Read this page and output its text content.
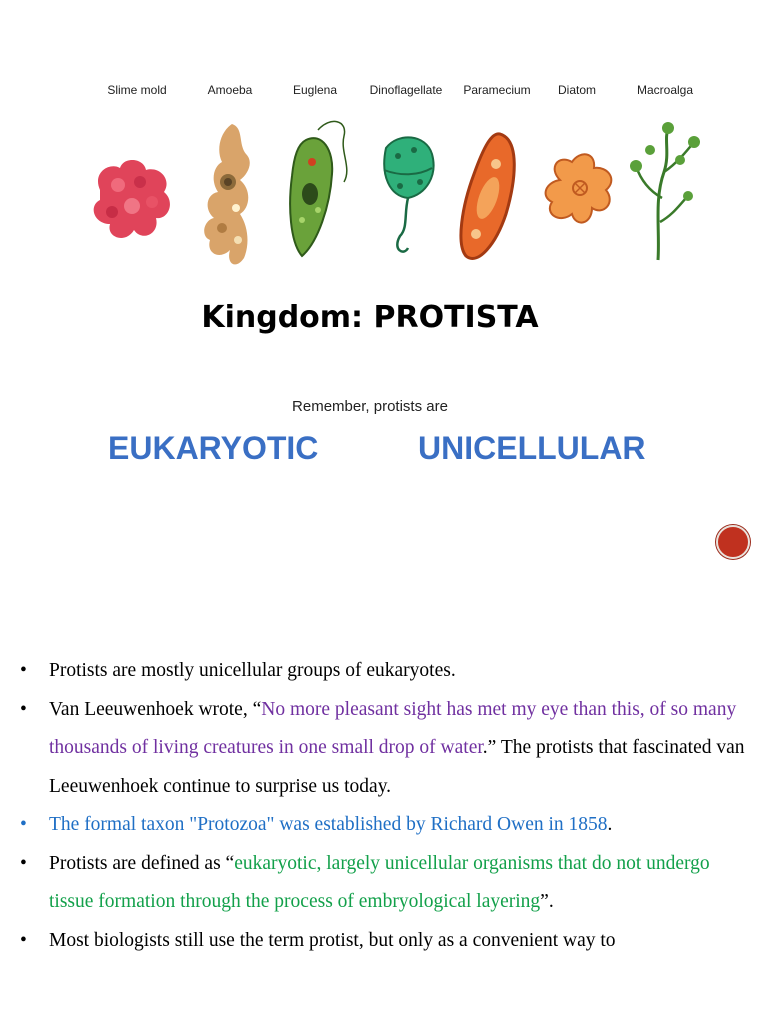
Slime mold	Amoeba	Euglena	Dinoflagellate Paramecium Diatom	Macroalga
Kingdom: PROTISTA
Remember, protists are
EUKARYOTIC	UNICELLULAR
• Protists are mostly unicellular groups of eukaryotes.
• Van Leeuwenhoek wrote, “No more pleasant sight has met my eye than this, of so many thousands of living creatures in one small drop of water.” The protists that fascinated van Leeuwenhoek continue to surprise us today.
• The formal taxon "Protozoa" was established by Richard Owen in 1858.
• Protists are defined as “eukaryotic, largely unicellular organisms that do not undergo tissue formation through the process of embryological layering”.
• Most biologists still use the term protist, but only as a convenient way to
